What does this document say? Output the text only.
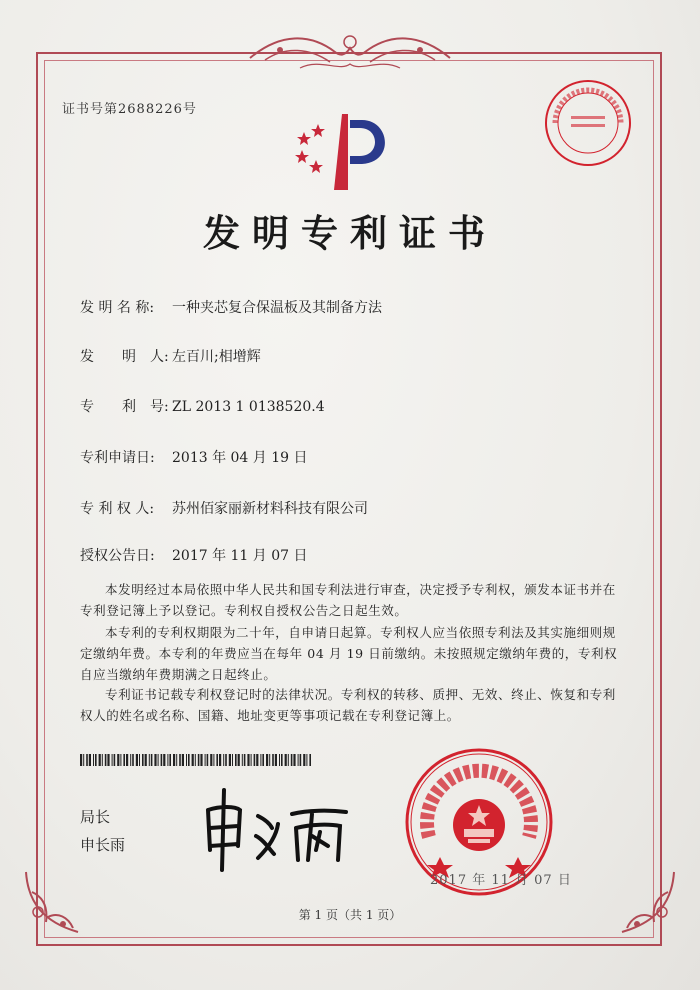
证书号第2688226号
发明专利证书
发 明 名 称: 一种夹芯复合保温板及其制备方法
发　　明　人: 左百川;相增辉
专　　利　号: ZL 2013 1 0138520.4
专利申请日: 2013 年 04 月 19 日
专 利 权 人: 苏州佰家丽新材料科技有限公司
授权公告日: 2017 年 11 月 07 日
本发明经过本局依照中华人民共和国专利法进行审查，决定授予专利权，颁发本证书并在专利登记簿上予以登记。专利权自授权公告之日起生效。
本专利的专利权期限为二十年，自申请日起算。专利权人应当依照专利法及其实施细则规定缴纳年费。本专利的年费应当在每年 04 月 19 日前缴纳。未按照规定缴纳年费的，专利权自应当缴纳年费期满之日起终止。
专利证书记载专利权登记时的法律状况。专利权的转移、质押、无效、终止、恢复和专利权人的姓名或名称、国籍、地址变更等事项记载在专利登记簿上。
局长
申长雨
2017 年 11 月 07 日
第 1 页（共 1 页）
